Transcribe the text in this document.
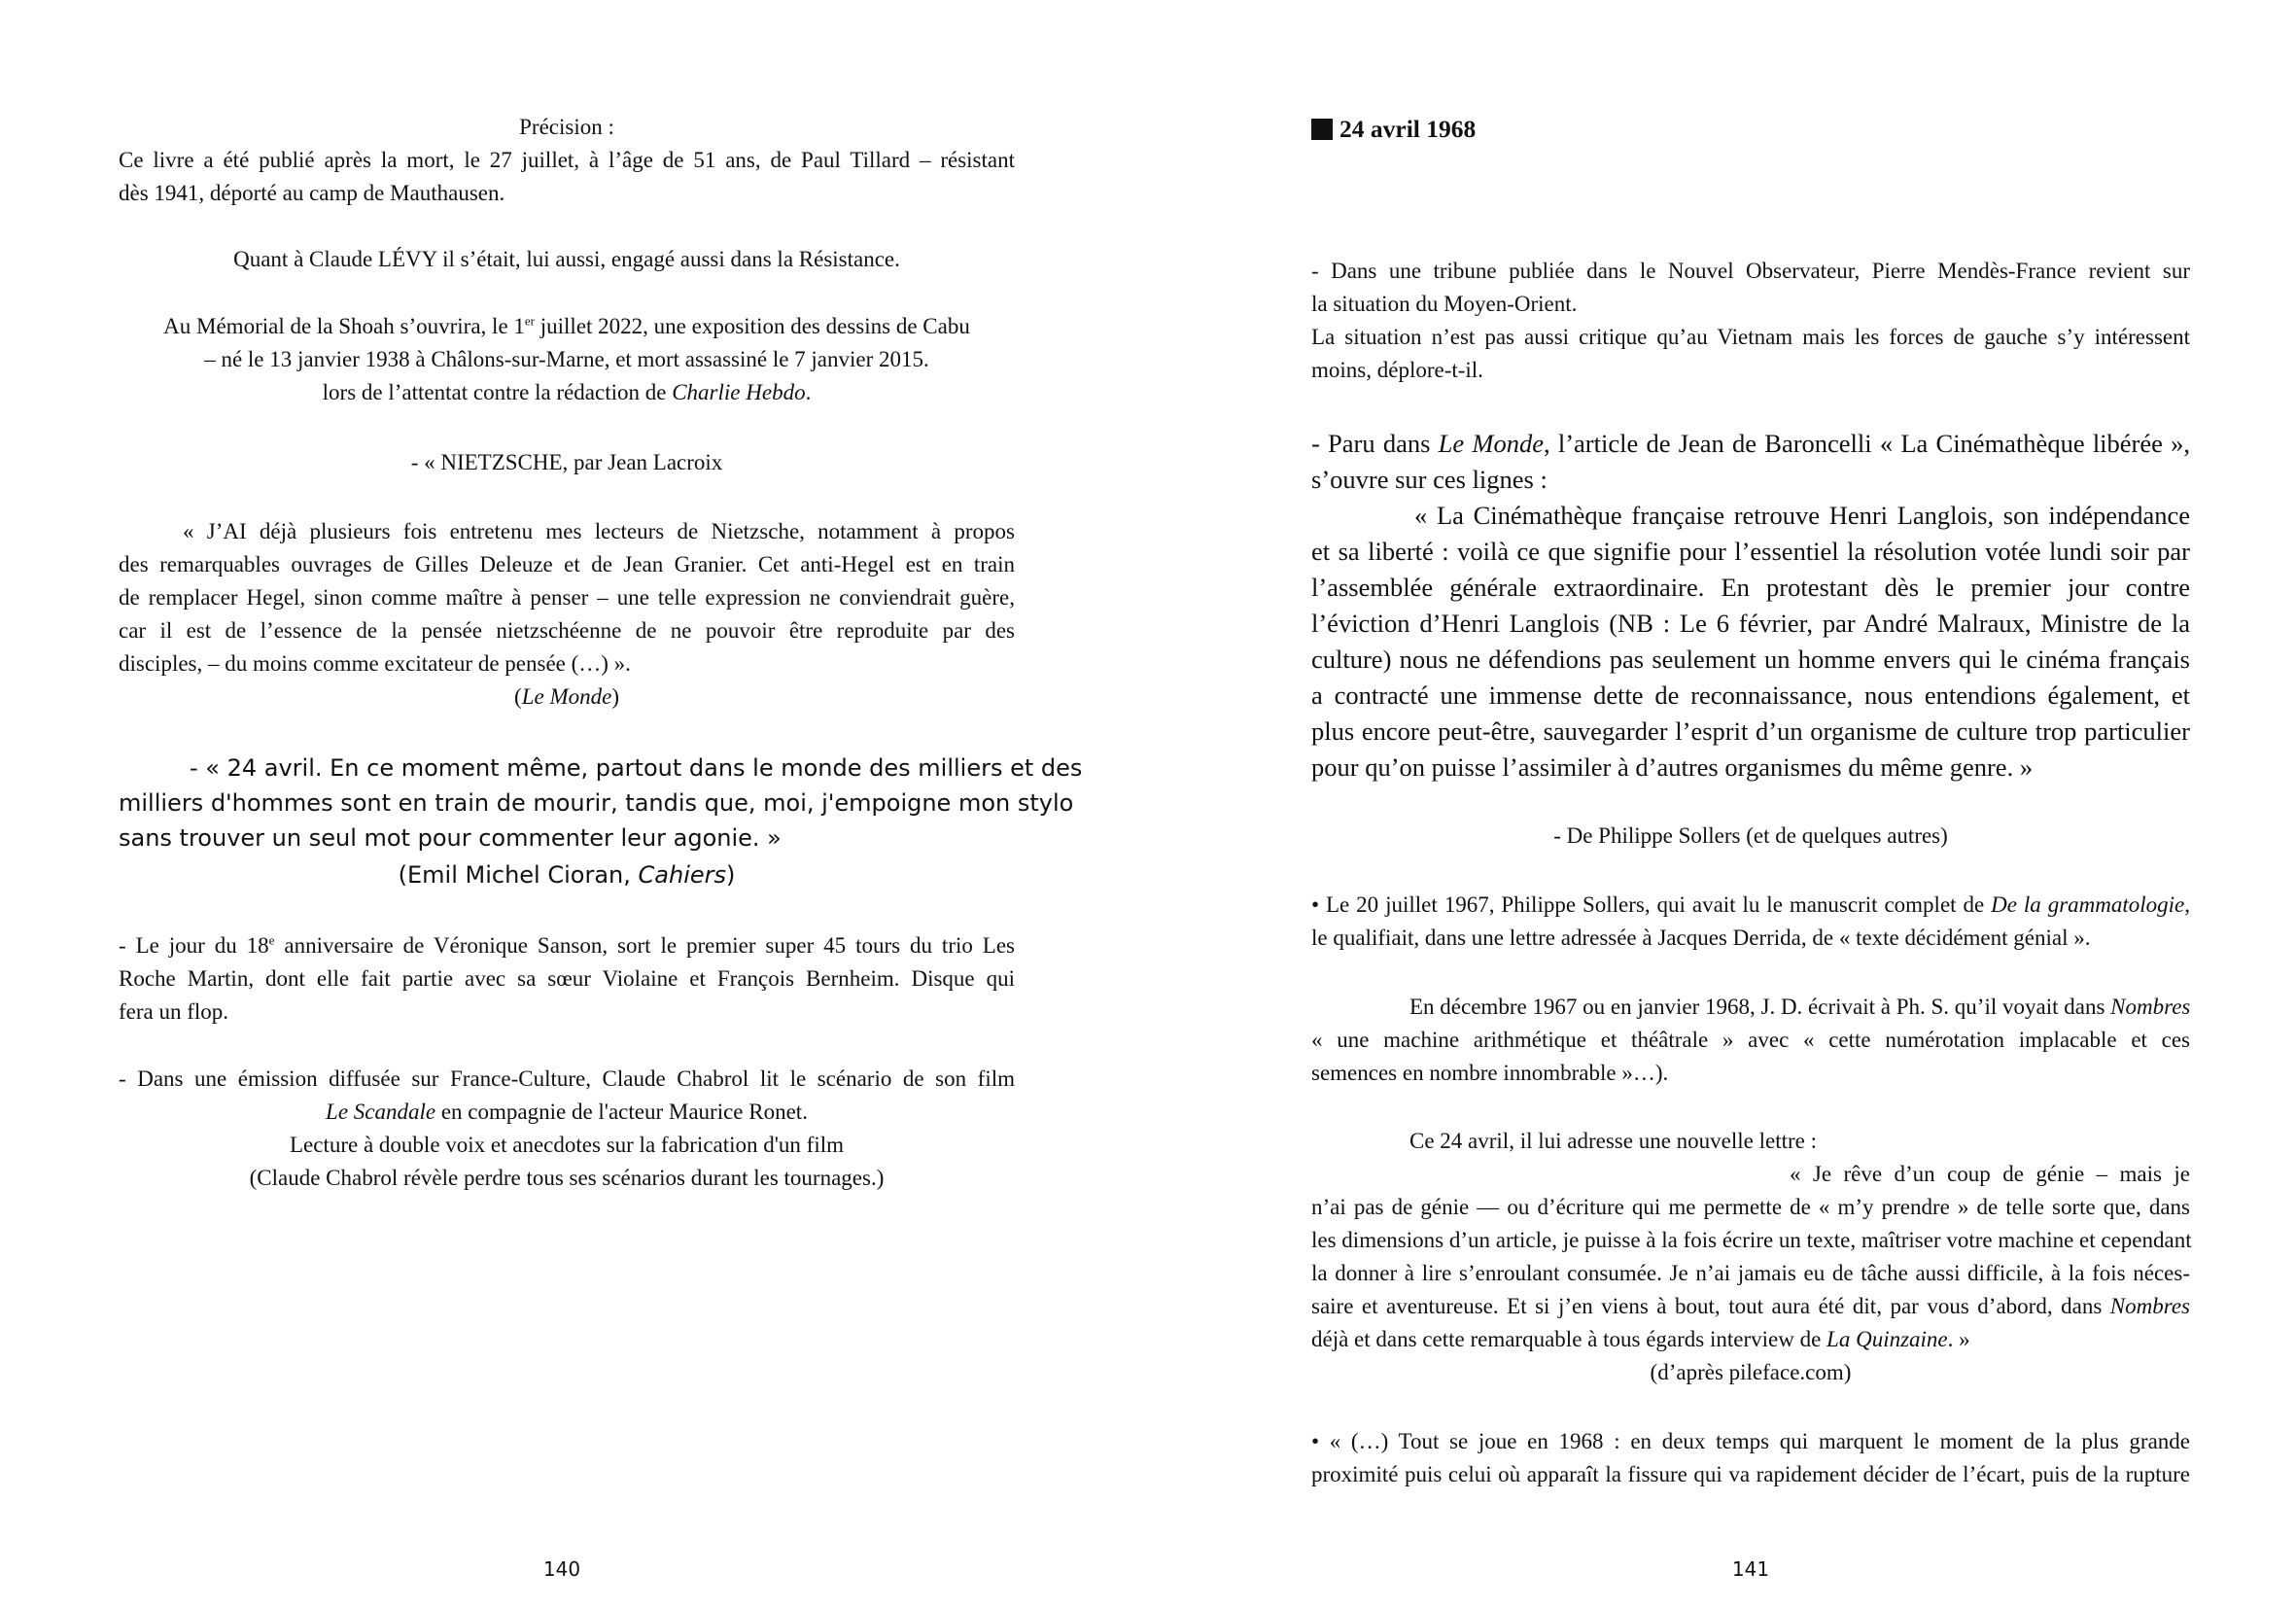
Précision :

Ce livre a été publié après la mort, le 27 juillet, à l’âge de 51 ans, de Paul Tillard – résistant

dès 1941, déporté au camp de Mauthausen.

Quant à Claude LÉVY il s’était, lui aussi, engagé aussi dans la Résistance.

Au Mémorial de la Shoah s’ouvrira, le 1er juillet 2022, une exposition des dessins de Cabu

– né le 13 janvier 1938 à Châlons-sur-Marne, et mort assassiné le 7 janvier 2015.

lors de l’attentat contre la rédaction de Charlie Hebdo.

- « NIETZSCHE, par Jean Lacroix

« J’AI déjà plusieurs fois entretenu mes lecteurs de Nietzsche, notamment à propos

des remarquables ouvrages de Gilles Deleuze et de Jean Granier. Cet anti-Hegel est en train

de remplacer Hegel, sinon comme maître à penser – une telle expression ne conviendrait guère,

car il est de l’essence de la pensée nietzschéenne de ne pouvoir être reproduite par des

disciples, – du moins comme excitateur de pensée (…) ».

(Le Monde)

- « 24 avril. En ce moment même, partout dans le monde des milliers et des

milliers d'hommes sont en train de mourir, tandis que, moi, j'empoigne mon stylo

sans trouver un seul mot pour commenter leur agonie. »

(Emil Michel Cioran, Cahiers)

- Le jour du 18e anniversaire de Véronique Sanson, sort le premier super 45 tours du trio Les

Roche Martin, dont elle fait partie avec sa sœur Violaine et François Bernheim. Disque qui

fera un flop.

- Dans une émission diffusée sur France-Culture, Claude Chabrol lit le scénario de son film

Le Scandale en compagnie de l'acteur Maurice Ronet.

Lecture à double voix et anecdotes sur la fabrication d'un film

(Claude Chabrol révèle perdre tous ses scénarios durant les tournages.)

140

24 avril 1968

- Dans une tribune publiée dans le Nouvel Observateur, Pierre Mendès-France revient sur

la situation du Moyen-Orient.

La situation n’est pas aussi critique qu’au Vietnam mais les forces de gauche s’y intéressent

moins, déplore-t-il.

- Paru dans Le Monde, l’article de Jean de Baroncelli « La Cinémathèque libérée »,

s’ouvre sur ces lignes :

« La Cinémathèque française retrouve Henri Langlois, son indépendance

et sa liberté : voilà ce que signifie pour l’essentiel la résolution votée lundi soir par

l’assemblée générale extraordinaire. En protestant dès le premier jour contre

l’éviction d’Henri Langlois (NB : Le 6 février, par André Malraux, Ministre de la

culture) nous ne défendions pas seulement un homme envers qui le cinéma français

a contracté une immense dette de reconnaissance, nous entendions également, et

plus encore peut-être, sauvegarder l’esprit d’un organisme de culture trop particulier

pour qu’on puisse l’assimiler à d’autres organismes du même genre. »

- De Philippe Sollers (et de quelques autres)

• Le 20 juillet 1967, Philippe Sollers, qui avait lu le manuscrit complet de De la grammatologie,

le qualifiait, dans une lettre adressée à Jacques Derrida, de « texte décidément génial ».

En décembre 1967 ou en janvier 1968, J. D. écrivait à Ph. S. qu’il voyait dans Nombres

« une machine arithmétique et théâtrale » avec « cette numérotation implacable et ces

semences en nombre innombrable »…).

Ce 24 avril, il lui adresse une nouvelle lettre :

« Je rêve d’un coup de génie – mais je

n’ai pas de génie — ou d’écriture qui me permette de « m’y prendre » de telle sorte que, dans

les dimensions d’un article, je puisse à la fois écrire un texte, maîtriser votre machine et cependant

la donner à lire s’enroulant consumée. Je n’ai jamais eu de tâche aussi difficile, à la fois néces-

saire et aventureuse. Et si j’en viens à bout, tout aura été dit, par vous d’abord, dans Nombres

déjà et dans cette remarquable à tous égards interview de La Quinzaine. »

(d’après pileface.com)

• « (…) Tout se joue en 1968 : en deux temps qui marquent le moment de la plus grande

proximité puis celui où apparaît la fissure qui va rapidement décider de l’écart, puis de la rupture

141
